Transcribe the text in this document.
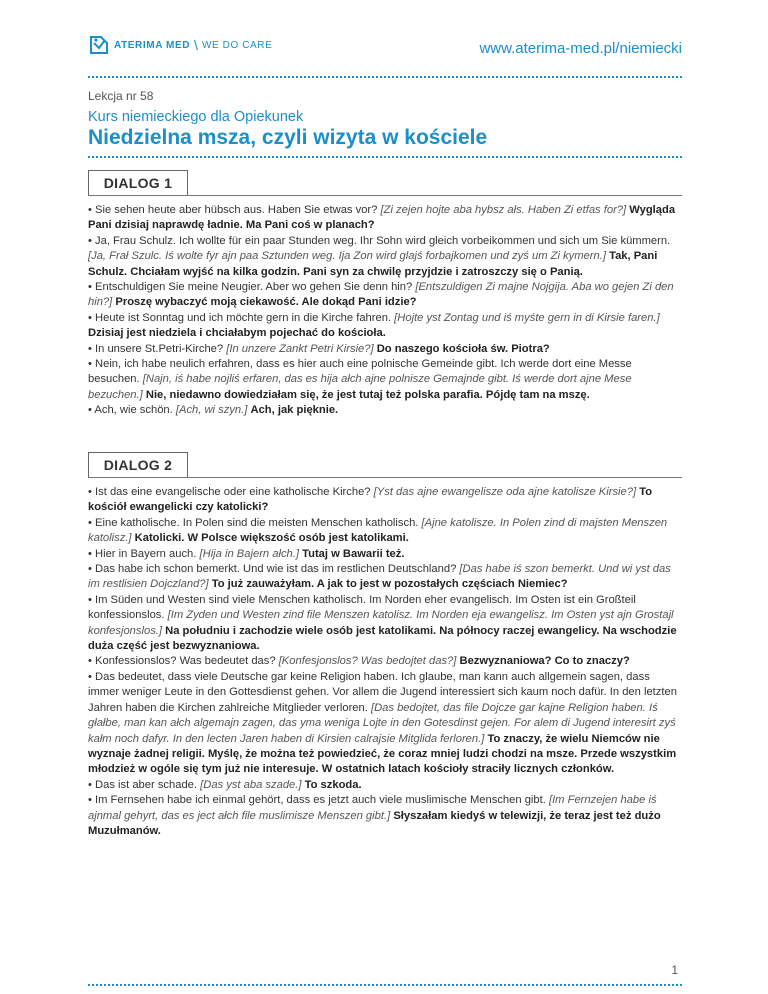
ATERIMA MED \ WE DO CARE	www.aterima-med.pl/niemiecki
Lekcja nr 58
Kurs niemieckiego dla Opiekunek
Niedzielna msza, czyli wizyta w kościele
DIALOG 1

• Sie sehen heute aber hübsch aus. Haben Sie etwas vor? [Zi zejen hojte aba hybsz ałs. Haben Zi etfas for?] Wygląda Pani dzisiaj naprawdę ładnie. Ma Pani coś w planach?

• Ja, Frau Schulz. Ich wollte für ein paar Stunden weg. Ihr Sohn wird gleich vorbeikommen und sich um Sie kümmern. [Ja, Frał Szulc. Iś wolte fyr ajn paa Sztunden weg. Ija Zon wird glajś forbajkomen und zyś um Zi kymern.] Tak, Pani Schulz. Chciałam wyjść na kilka godzin. Pani syn za chwilę przyjdzie i zatroszczy się o Panią.

• Entschuldigen Sie meine Neugier. Aber wo gehen Sie denn hin? [Entszuldigen Zi majne Nojgija. Aba wo gejen Zi den hin?] Proszę wybaczyć moją ciekawość. Ale dokąd Pani idzie?

• Heute ist Sonntag und ich möchte gern in die Kirche fahren. [Hojte yst Zontag und iś myśte gern in di Kirsie faren.] Dzisiaj jest niedziela i chciałabym pojechać do kościoła.

• In unsere St.Petri-Kirche? [In unzere Zankt Petri Kirsie?] Do naszego kościoła św. Piotra?

• Nein, ich habe neulich erfahren, dass es hier auch eine polnische Gemeinde gibt. Ich werde dort eine Messe besuchen. [Najn, iś habe nojliś erfaren, das es hija ałch ajne polnisze Gemajnde gibt. Iś werde dort ajne Mese bezuchen.] Nie, niedawno dowiedziałam się, że jest tutaj też polska parafia. Pójdę tam na mszę.

• Ach, wie schön. [Ach, wi szyn.] Ach, jak pięknie.

DIALOG 2

• Ist das eine evangelische oder eine katholische Kirche? [Yst das ajne ewangelisze oda ajne katolisze Kirsie?] To kościół ewangelicki czy katolicki?

• Eine katholische. In Polen sind die meisten Menschen katholisch. [Ajne katolisze. In Polen zind di majsten Menszen katolisz.] Katolicki. W Polsce większość osób jest katolikami.

• Hier in Bayern auch. [Hija in Bajern ałch.] Tutaj w Bawarii też.

• Das habe ich schon bemerkt. Und wie ist das im restlichen Deutschland? [Das habe iś szon bemerkt. Und wi yst das im restlisien Dojczland?] To już zauważyłam. A jak to jest w pozostałych częściach Niemiec?

• Im Süden und Westen sind viele Menschen katholisch. Im Norden eher evangelisch. Im Osten ist ein Großteil konfessionslos. [Im Zyden und Westen zind file Menszen katolisz. Im Norden eja ewangelisz. Im Osten yst ajn Grostajl konfesjonslos.] Na południu i zachodzie wiele osób jest katolikami. Na północy raczej ewangelicy. Na wschodzie duża część jest bezwyznaniowa.

• Konfessionslos? Was bedeutet das? [Konfesjonslos? Was bedojtet das?] Bezwyznaniowa? Co to znaczy?

• Das bedeutet, dass viele Deutsche gar keine Religion haben. Ich glaube, man kann auch allgemein sagen, dass immer weniger Leute in den Gottesdienst gehen. Vor allem die Jugend interessiert sich kaum noch dafür. In den letzten Jahren haben die Kirchen zahlreiche Mitglieder verloren. [Das bedojtet, das file Dojcze gar kajne Religion haben. Iś głałbe, man kan ałch algemajn zagen, das yma weniga Lojte in den Gotesdinst gejen. For alem di Jugend interesirt zyś kałm noch dafyr. In den lecten Jaren haben di Kirsien calrajsie Mitglida ferloren.] To znaczy, że wielu Niemców nie wyznaje żadnej religii. Myślę, że można też powiedzieć, że coraz mniej ludzi chodzi na msze. Przede wszystkim młodzież w ogóle się tym już nie interesuje. W ostatnich latach kościoły straciły licznych członków.

• Das ist aber schade. [Das yst aba szade.] To szkoda.

• Im Fernsehen habe ich einmal gehört, dass es jetzt auch viele muslimische Menschen gibt. [Im Fernzejen habe iś ajnmal gehyrt, das es ject ałch file muslimisze Menszen gibt.] Słyszałam kiedyś w telewizji, że teraz jest też dużo Muzułmanów.

1
